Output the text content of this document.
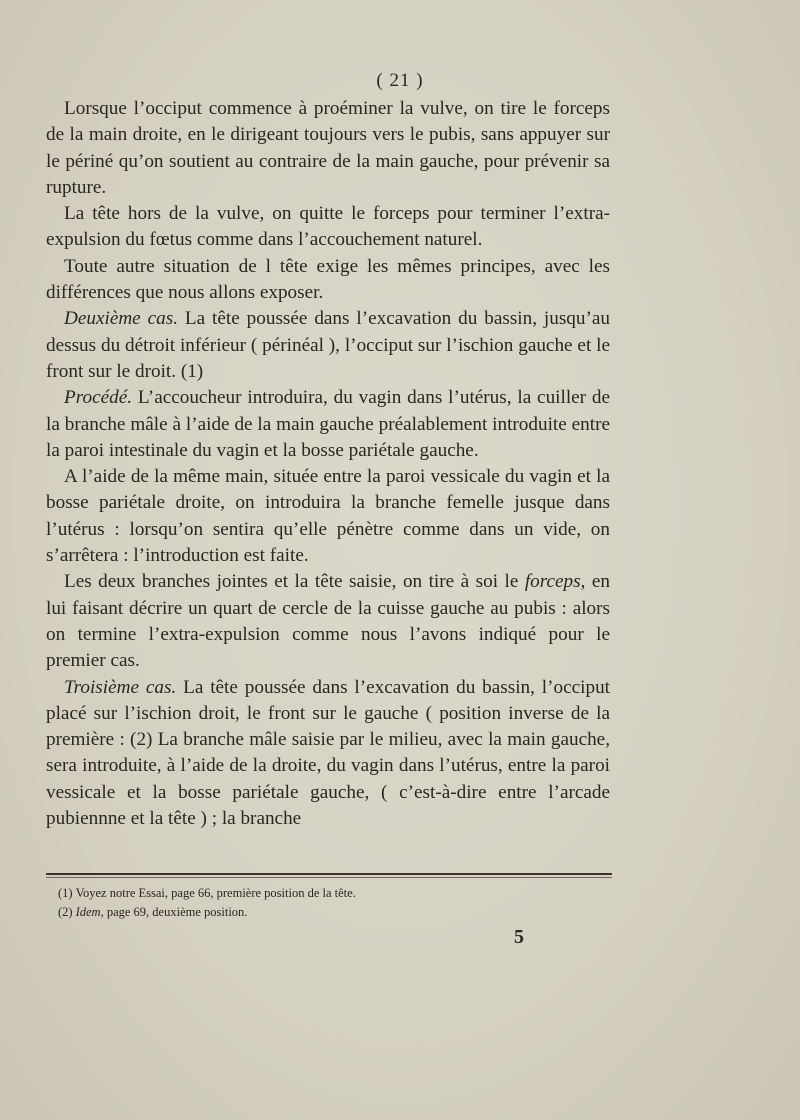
( 21 )

Lorsque l’occiput commence à proéminer la vulve, on tire le forceps de la main droite, en le dirigeant toujours vers le pubis, sans appuyer sur le périné qu’on soutient au contraire de la main gauche, pour prévenir sa rupture.

La tête hors de la vulve, on quitte le forceps pour terminer l’extra-expulsion du fœtus comme dans l’accouchement naturel.

Toute autre situation de l tête exige les mêmes principes, avec les différences que nous allons exposer.

Deuxième cas. La tête poussée dans l’excavation du bassin, jusqu’au dessus du détroit inférieur ( périnéal ), l’occiput sur l’ischion gauche et le front sur le droit. (1)

Procédé. L’accoucheur introduira, du vagin dans l’utérus, la cuiller de la branche mâle à l’aide de la main gauche préalablement introduite entre la paroi intestinale du vagin et la bosse pariétale gauche.

A l’aide de la même main, située entre la paroi vessicale du vagin et la bosse pariétale droite, on introduira la branche femelle jusque dans l’utérus : lorsqu’on sentira qu’elle pénètre comme dans un vide, on s’arrêtera : l’introduction est faite.

Les deux branches jointes et la tête saisie, on tire à soi le forceps, en lui faisant décrire un quart de cercle de la cuisse gauche au pubis : alors on termine l’extra-expulsion comme nous l’avons indiqué pour le premier cas.

Troisième cas. La tête poussée dans l’excavation du bassin, l’occiput placé sur l’ischion droit, le front sur le gauche ( position inverse de la première : (2) La branche mâle saisie par le milieu, avec la main gauche, sera introduite, à l’aide de la droite, du vagin dans l’utérus, entre la paroi vessicale et la bosse pariétale gauche, ( c’est-à-dire entre l’arcade pubiennne et la tête ) ; la branche

(1) Voyez notre Essai, page 66, première position de la tête.
(2) Idem, page 69, deuxième position.
5
